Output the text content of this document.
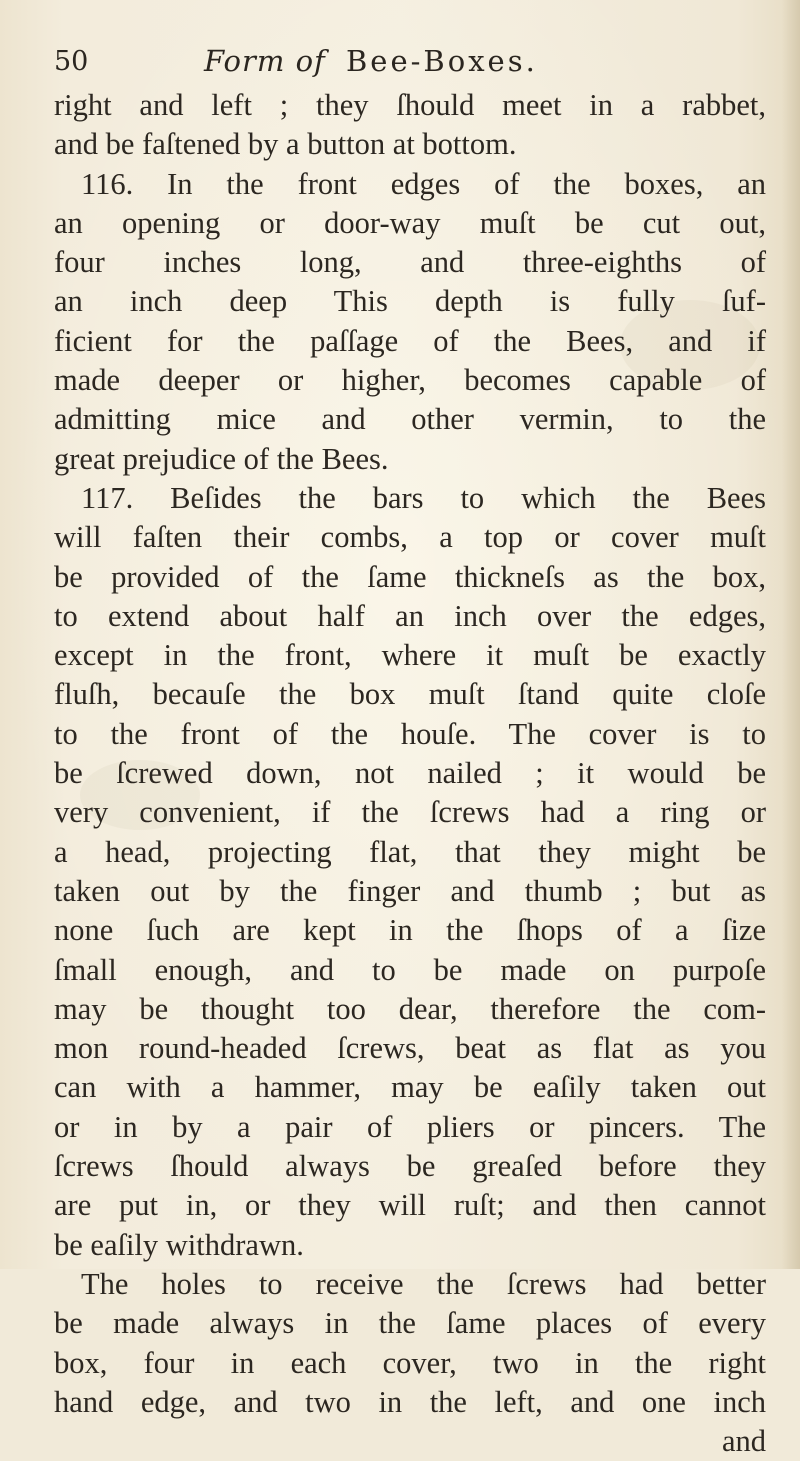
50	Form of Bee-Boxes.
right and left ; they ſhould meet in a rabbet,
and be faſtened by a button at bottom.
116. In the front edges of the boxes, an
an opening or door-way muſt be cut out,
four inches long, and three-eighths of
an inch deep This depth is fully ſuf-
ficient for the paſſage of the Bees, and if
made deeper or higher, becomes capable of
admitting mice and other vermin, to the
great prejudice of the Bees.
117. Beſides the bars to which the Bees
will faſten their combs, a top or cover muſt
be provided of the ſame thickneſs as the box,
to extend about half an inch over the edges,
except in the front, where it muſt be exactly
fluſh, becauſe the box muſt ſtand quite cloſe
to the front of the houſe. The cover is to
be ſcrewed down, not nailed ; it would be
very convenient, if the ſcrews had a ring or
a head, projecting flat, that they might be
taken out by the finger and thumb ; but as
none ſuch are kept in the ſhops of a ſize
ſmall enough, and to be made on purpoſe
may be thought too dear, therefore the com-
mon round-headed ſcrews, beat as flat as you
can with a hammer, may be eaſily taken out
or in by a pair of pliers or pincers. The
ſcrews ſhould always be greaſed before they
are put in, or they will ruſt; and then cannot
be eaſily withdrawn.
The holes to receive the ſcrews had better
be made always in the ſame places of every
box, four in each cover, two in the right
hand edge, and two in the left, and one inch
and
